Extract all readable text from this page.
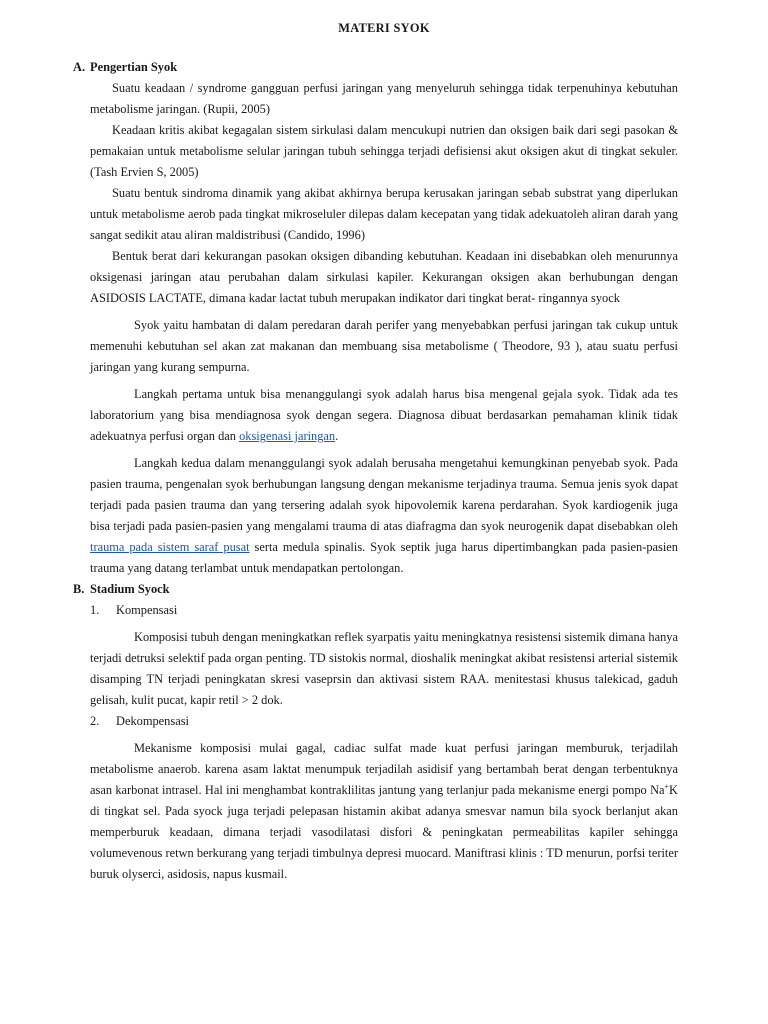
MATERI SYOK
A. Pengertian Syok

Suatu keadaan / syndrome gangguan perfusi jaringan yang menyeluruh sehingga tidak terpenuhinya kebutuhan metabolisme jaringan. (Rupii, 2005)

Keadaan kritis akibat kegagalan sistem sirkulasi dalam mencukupi nutrien dan oksigen baik dari segi pasokan & pemakaian untuk metabolisme selular jaringan tubuh sehingga terjadi defisiensi akut oksigen akut di tingkat sekuler.(Tash Ervien S, 2005)

Suatu bentuk sindroma dinamik yang akibat akhirnya berupa kerusakan jaringan sebab substrat yang diperlukan untuk metabolisme aerob pada tingkat mikroseluler dilepas dalam kecepatan yang tidak adekuatoleh aliran darah yang sangat sedikit atau aliran maldistribusi (Candido, 1996)

Bentuk berat dari kekurangan pasokan oksigen dibanding kebutuhan. Keadaan ini disebabkan oleh menurunnya oksigenasi jaringan atau perubahan dalam sirkulasi kapiler. Kekurangan oksigen akan berhubungan dengan ASIDOSIS LACTATE, dimana kadar lactat tubuh merupakan indikator dari tingkat berat- ringannya syock

Syok yaitu hambatan di dalam peredaran darah perifer yang menyebabkan perfusi jaringan tak cukup untuk memenuhi kebutuhan sel akan zat makanan dan membuang sisa metabolisme ( Theodore, 93 ), atau suatu perfusi jaringan yang kurang sempurna.

Langkah pertama untuk bisa menanggulangi syok adalah harus bisa mengenal gejala syok. Tidak ada tes laboratorium yang bisa mendiagnosa syok dengan segera. Diagnosa dibuat berdasarkan pemahaman klinik tidak adekuatnya perfusi organ dan oksigenasi jaringan.

Langkah kedua dalam menanggulangi syok adalah berusaha mengetahui kemungkinan penyebab syok. Pada pasien trauma, pengenalan syok berhubungan langsung dengan mekanisme terjadinya trauma. Semua jenis syok dapat terjadi pada pasien trauma dan yang tersering adalah syok hipovolemik karena perdarahan. Syok kardiogenik juga bisa terjadi pada pasien-pasien yang mengalami trauma di atas diafragma dan syok neurogenik dapat disebabkan oleh trauma pada sistem saraf pusat serta medula spinalis. Syok septik juga harus dipertimbangkan pada pasien-pasien trauma yang datang terlambat untuk mendapatkan pertolongan.

B. Stadium Syock
1. Kompensasi

Komposisi tubuh dengan meningkatkan reflek syarpatis yaitu meningkatnya resistensi sistemik dimana hanya terjadi detruksi selektif pada organ penting. TD sistokis normal, dioshalik meningkat akibat resistensi arterial sistemik disamping TN terjadi peningkatan skresi vaseprsin dan aktivasi sistem RAA. menitestasi khusus talekicad, gaduh gelisah, kulit pucat, kapir retil > 2 dok.

2. Dekompensasi

Mekanisme komposisi mulai gagal, cadiac sulfat made kuat perfusi jaringan memburuk, terjadilah metabolisme anaerob. karena asam laktat menumpuk terjadilah asidisif yang bertambah berat dengan terbentuknya asan karbonat intrasel. Hal ini menghambat kontraklilitas jantung yang terlanjur pada mekanisme energi pompo Na+K di tingkat sel. Pada syock juga terjadi pelepasan histamin akibat adanya smesvar namun bila syock berlanjut akan memperburuk keadaan, dimana terjadi vasodilatasi disfori & peningkatan permeabilitas kapiler sehingga volumevenous retwn berkurang yang terjadi timbulnya depresi muocard. Maniftrasi klinis : TD menurun, porfsi teriter buruk olyserci, asidosis, napus kusmail.
